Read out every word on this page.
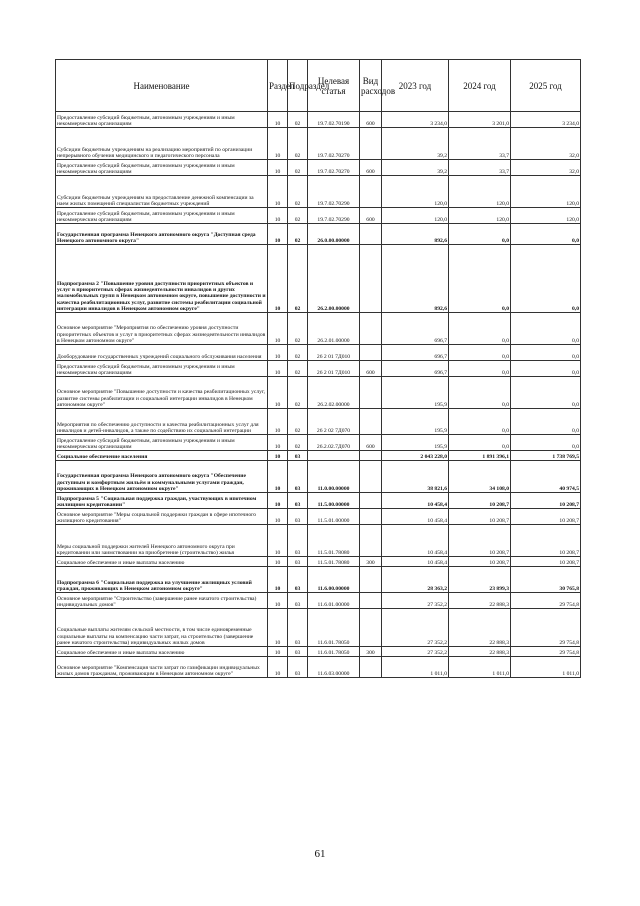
Наименование	Раздел	Подраздел	Целевая статья	Вид расходов	2023 год	2024 год	2025 год
Предоставление субсидий бюджетным, автономным учреждениям и иным некоммерческим организациям	10	02	19.7.02.70190	600	3 234,0	3 201,0	3 234,0
Субсидии бюджетным учреждениям на реализацию мероприятий по организации непрерывного обучения медицинского и педагогического персонала	10	02	19.7.02.70270		39,2	33,7	32,0
Предоставление субсидий бюджетным, автономным учреждениям и иным некоммерческим организациям	10	02	19.7.02.70270	600	39,2	33,7	32,0
Субсидии бюджетным учреждениям на предоставление денежной компенсации за наем жилых помещений специалистам бюджетных учреждений	10	02	19.7.02.70290		120,0	120,0	120,0
Предоставление субсидий бюджетным, автономным учреждениям и иным некоммерческим организациям	10	02	19.7.02.70290	600	120,0	120,0	120,0
Государственная программа Ненецкого автономного округа "Доступная среда Ненецкого автономного округа"	10	02	26.0.00.00000		892,6	0,0	0,0
Подпрограмма 2 "Повышение уровня доступности приоритетных объектов и услуг в приоритетных сферах жизнедеятельности инвалидов и других маломобильных групп в Ненецком автономном округе, повышение доступности и качества реабилитационных услуг, развитие системы реабилитации социальной интеграции инвалидов в Ненецком автономном округе"	10	02	26.2.00.00000		892,6	0,0	0,0
Основное мероприятие "Мероприятия по обеспечению уровня доступности приоритетных объектов и услуг в приоритетных сферах жизнедеятельности инвалидов в Ненецком автономном округе"	10	02	26.2.01.00000		696,7	0,0	0,0
Дооборудование государственных учреждений социального обслуживания населения	10	02	26 2 01 7Д010		696,7	0,0	0,0
Предоставление субсидий бюджетным, автономным учреждениям и иным некоммерческим организациям	10	02	26 2 01 7Д010	600	696,7	0,0	0,0
Основное мероприятие "Повышение доступности и качества реабилитационных услуг, развитие системы реабилитации и социальной интеграции инвалидов в Ненецком автономном округе"	10	02	26.2.02.00000		195,9	0,0	0,0
Мероприятия по обеспечению доступности и качества реабилитационных услуг для инвалидов и детей-инвалидов, а также по содействию их социальной интеграции	10	02	26 2 02 7Д070		195,9	0,0	0,0
Предоставление субсидий бюджетным, автономным учреждениям и иным некоммерческим организациям	10	02	26.2.02.7Д070	600	195,9	0,0	0,0
Социальное обеспечение населения	10	03			2 043 228,0	1 891 396,1	1 738 769,5
Государственная программа Ненецкого автономного округа "Обеспечение доступным и комфортным жильём и коммунальными услугами граждан, проживающих в Ненецком автономном округе"	10	03	11.0.00.00000		38 821,6	34 108,0	40 974,5
Подпрограмма 5 "Социальная поддержка граждан, участвующих в ипотечном жилищном кредитовании"	10	03	11.5.00.00000		10 458,4	10 208,7	10 208,7
Основное мероприятие "Меры социальной поддержки граждан в сфере ипотечного жилищного кредитования"	10	03	11.5.01.00000		10 458,4	10 208,7	10 208,7
Меры социальной поддержки жителей Ненецкого автономного округа при кредитовании или заимствовании на приобретение (строительство) жилья	10	03	11.5.01.78080		10 458,4	10 208,7	10 208,7
Социальное обеспечение и иные выплаты населению	10	03	11.5.01.78080	300	10 458,4	10 208,7	10 208,7
Подпрограмма 6 "Социальная поддержка на улучшение жилищных условий граждан, проживающих в Ненецком автономном округе"	10	03	11.6.00.00000		28 363,2	23 899,3	30 765,8
Основное мероприятие "Строительство (завершение ранее начатого строительства) индивидуальных домов"	10	03	11.6.01.00000		27 352,2	22 888,3	29 754,8
Социальные выплаты жителям сельской местности, в том числе единовременные социальные выплаты на компенсацию части затрат, на строительство (завершение ранее начатого строительства) индивидуальных жилых домов	10	03	11.6.01.78050		27 352,2	22 888,3	29 754,8
Социальное обеспечение и иные выплаты населению	10	03	11.6.01.78050	300	27 352,2	22 888,3	29 754,8
Основное мероприятие "Компенсация части затрат по газификации индивидуальных жилых домов гражданам, проживающим в Ненецком автономном округе"	10	03	11.6.03.00000		1 011,0	1 011,0	1 011,0
61
